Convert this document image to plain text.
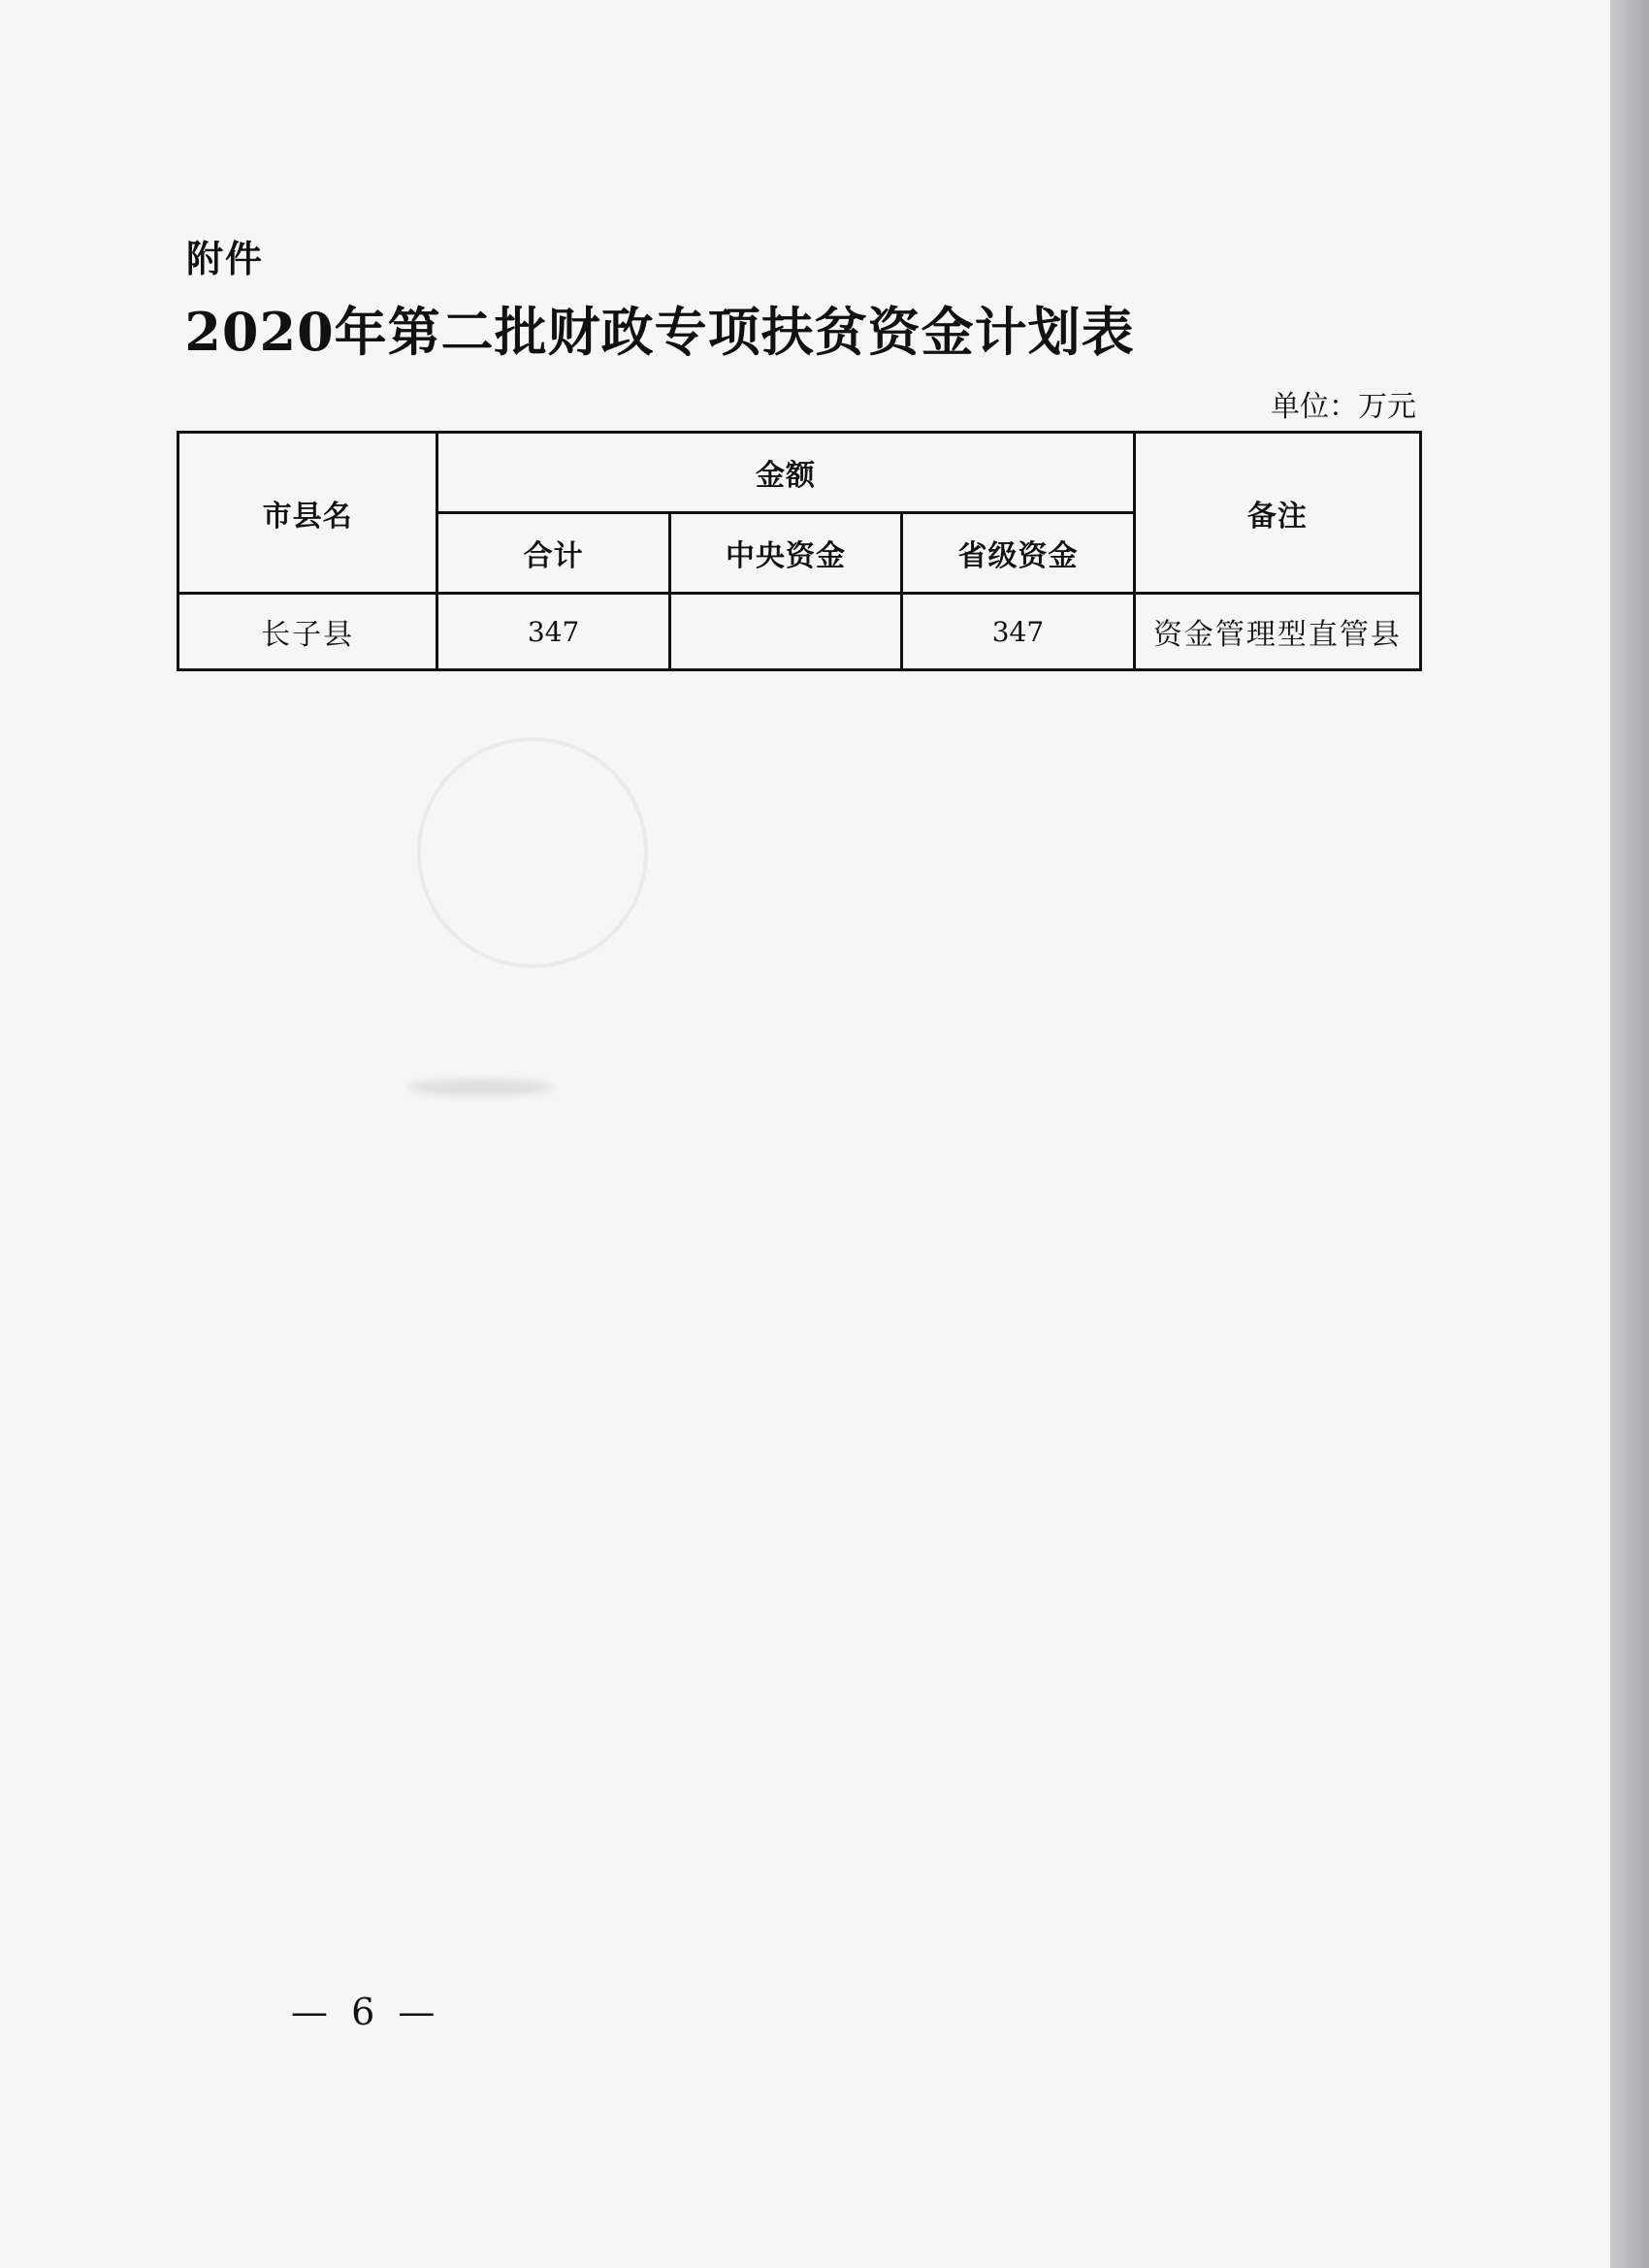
附件
2020年第二批财政专项扶贫资金计划表
单位：万元
市县名	金额			备注
	合计	中央资金	省级资金	
长子县	347		347	资金管理型直管县
— 6 —
